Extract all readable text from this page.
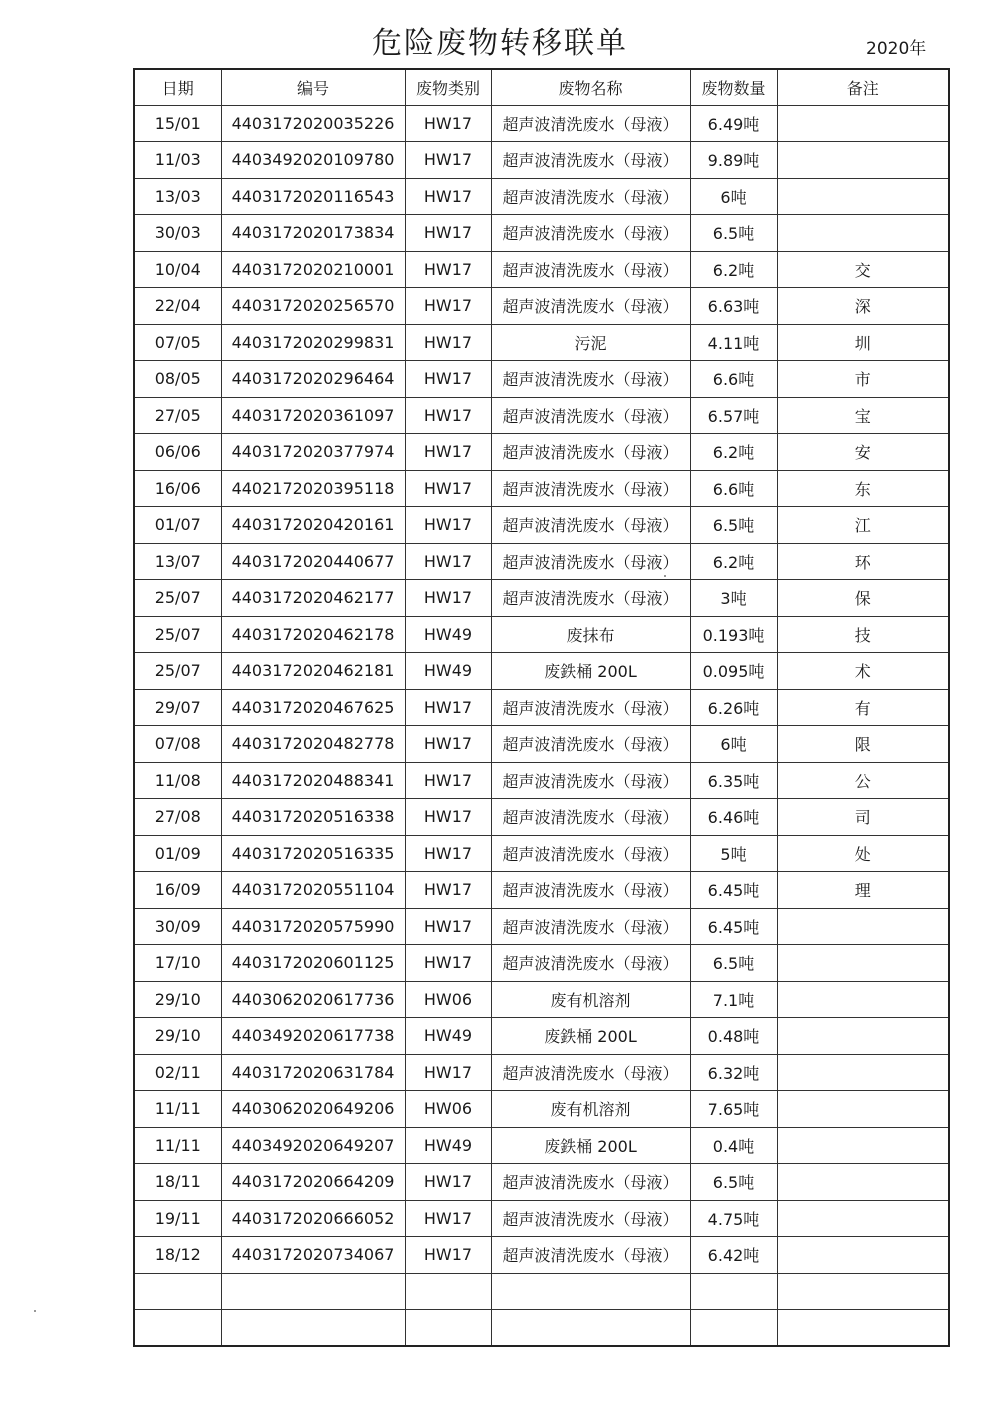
危险废物转移联单	2020年
日期	编号	废物类别	废物名称	废物数量	备注
15/01	4403172020035226	HW17	超声波清洗废水（母液）	6.49吨	
11/03	4403492020109780	HW17	超声波清洗废水（母液）	9.89吨	
13/03	4403172020116543	HW17	超声波清洗废水（母液）	6吨	
30/03	4403172020173834	HW17	超声波清洗废水（母液）	6.5吨	
10/04	4403172020210001	HW17	超声波清洗废水（母液）	6.2吨	交
22/04	4403172020256570	HW17	超声波清洗废水（母液）	6.63吨	深
07/05	4403172020299831	HW17	污泥	4.11吨	圳
08/05	4403172020296464	HW17	超声波清洗废水（母液）	6.6吨	市
27/05	4403172020361097	HW17	超声波清洗废水（母液）	6.57吨	宝
06/06	4403172020377974	HW17	超声波清洗废水（母液）	6.2吨	安
16/06	4402172020395118	HW17	超声波清洗废水（母液）	6.6吨	东
01/07	4403172020420161	HW17	超声波清洗废水（母液）	6.5吨	江
13/07	4403172020440677	HW17	超声波清洗废水（母液）	6.2吨	环
25/07	4403172020462177	HW17	超声波清洗废水（母液）	3吨	保
25/07	4403172020462178	HW49	废抹布	0.193吨	技
25/07	4403172020462181	HW49	废鉄桶 200L	0.095吨	术
29/07	4403172020467625	HW17	超声波清洗废水（母液）	6.26吨	有
07/08	4403172020482778	HW17	超声波清洗废水（母液）	6吨	限
11/08	4403172020488341	HW17	超声波清洗废水（母液）	6.35吨	公
27/08	4403172020516338	HW17	超声波清洗废水（母液）	6.46吨	司
01/09	4403172020516335	HW17	超声波清洗废水（母液）	5吨	处
16/09	4403172020551104	HW17	超声波清洗废水（母液）	6.45吨	理
30/09	4403172020575990	HW17	超声波清洗废水（母液）	6.45吨	
17/10	4403172020601125	HW17	超声波清洗废水（母液）	6.5吨	
29/10	4403062020617736	HW06	废有机溶剂	7.1吨	
29/10	4403492020617738	HW49	废鉄桶 200L	0.48吨	
02/11	4403172020631784	HW17	超声波清洗废水（母液）	6.32吨	
11/11	4403062020649206	HW06	废有机溶剂	7.65吨	
11/11	4403492020649207	HW49	废鉄桶 200L	0.4吨	
18/11	4403172020664209	HW17	超声波清洗废水（母液）	6.5吨	
19/11	4403172020666052	HW17	超声波清洗废水（母液）	4.75吨	
18/12	4403172020734067	HW17	超声波清洗废水（母液）	6.42吨	
